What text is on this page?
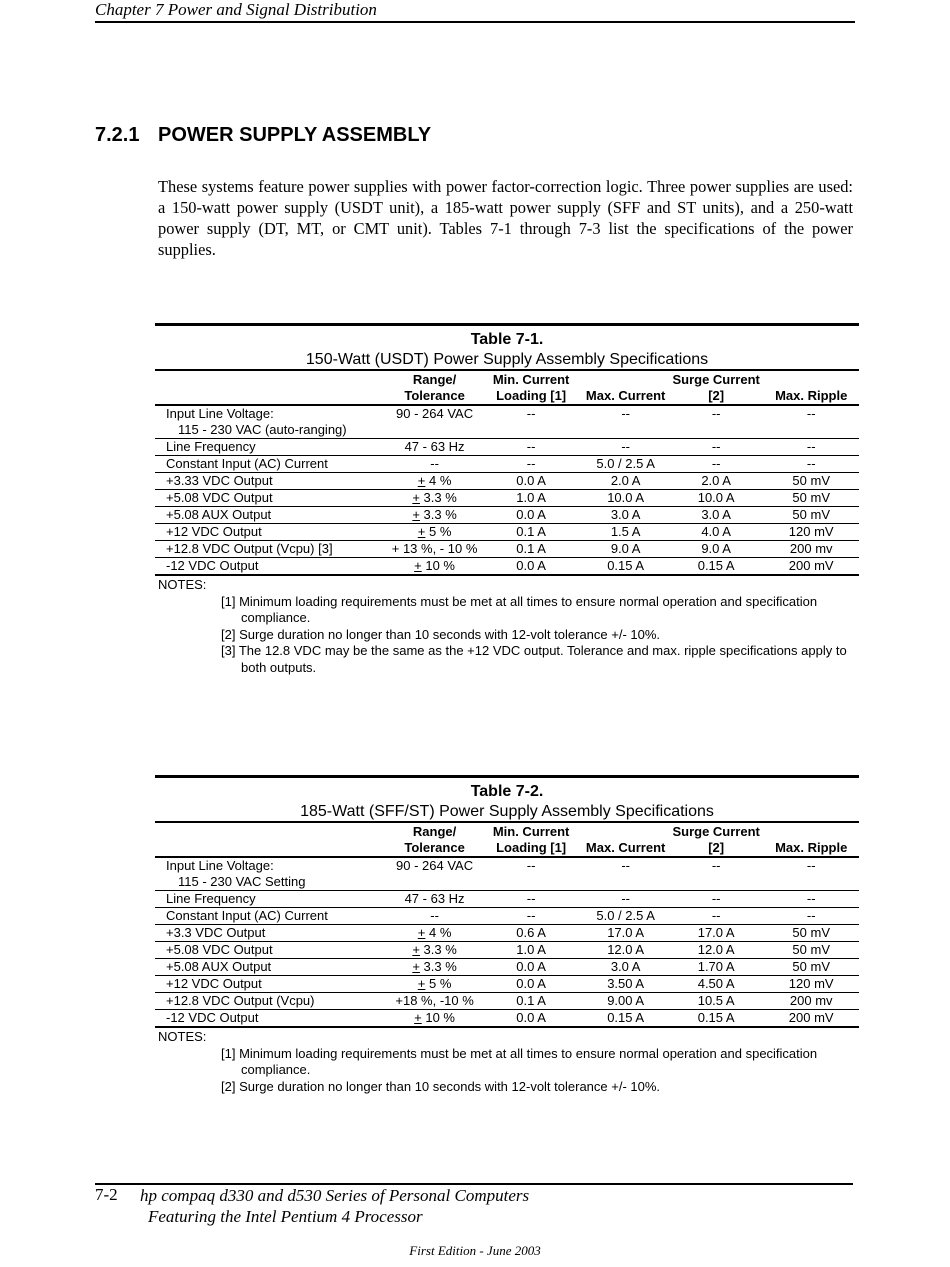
Chapter 7 Power and Signal Distribution
7.2.1 POWER SUPPLY ASSEMBLY

These systems feature power supplies with power factor-correction logic. Three power supplies are used: a 150-watt power supply (USDT unit), a 185-watt power supply (SFF and ST units), and a 250-watt power supply (DT, MT, or CMT unit). Tables 7-1 through 7-3 list the specifications of the power supplies.

Table 7-1.
150-Watt (USDT) Power Supply Assembly Specifications
	Range/ Tolerance	Min. Current Loading [1]	Max. Current	Surge Current [2]	Max. Ripple
Input Line Voltage:
115 - 230 VAC (auto-ranging)	90 - 264 VAC	--	--	--	--
Line Frequency	47 - 63 Hz	--	--	--	--
Constant Input (AC) Current	--	--	5.0 / 2.5 A	--	--
+3.33 VDC Output	+ 4 %	0.0 A	2.0 A	2.0 A	50 mV
+5.08 VDC Output	+ 3.3 %	1.0 A	10.0 A	10.0 A	50 mV
+5.08 AUX Output	+ 3.3 %	0.0 A	3.0 A	3.0 A	50 mV
+12 VDC Output	+ 5 %	0.1 A	1.5 A	4.0 A	120 mV
+12.8 VDC Output (Vcpu) [3]	+ 13 %, - 10 %	0.1 A	9.0 A	9.0 A	200 mv
-12 VDC Output	+ 10 %	0.0 A	0.15 A	0.15 A	200 mV
NOTES:
[1] Minimum loading requirements must be met at all times to ensure normal operation and specification compliance.
[2] Surge duration no longer than 10 seconds with 12-volt tolerance +/- 10%.
[3] The 12.8 VDC may be the same as the +12 VDC output. Tolerance and max. ripple specifications apply to both outputs.
Table 7-2.
185-Watt (SFF/ST) Power Supply Assembly Specifications
	Range/ Tolerance	Min. Current Loading [1]	Max. Current	Surge Current [2]	Max. Ripple
Input Line Voltage:
115 - 230 VAC Setting	90 - 264 VAC	--	--	--	--
Line Frequency	47 - 63 Hz	--	--	--	--
Constant Input (AC) Current	--	--	5.0 / 2.5 A	--	--
+3.3 VDC Output	+ 4 %	0.6 A	17.0 A	17.0 A	50 mV
+5.08 VDC Output	+ 3.3 %	1.0 A	12.0 A	12.0 A	50 mV
+5.08 AUX Output	+ 3.3 %	0.0 A	3.0 A	1.70 A	50 mV
+12 VDC Output	+ 5 %	0.0 A	3.50 A	4.50 A	120 mV
+12.8 VDC Output (Vcpu)	+18 %, -10 %	0.1 A	9.00 A	10.5 A	200 mv
-12 VDC Output	+ 10 %	0.0 A	0.15 A	0.15 A	200 mV
NOTES:
[1] Minimum loading requirements must be met at all times to ensure normal operation and specification compliance.
[2] Surge duration no longer than 10 seconds with 12-volt tolerance +/- 10%.
7-2 hp compaq d330 and d530 Series of Personal Computers
Featuring the Intel Pentium 4 Processor
First Edition - June 2003
